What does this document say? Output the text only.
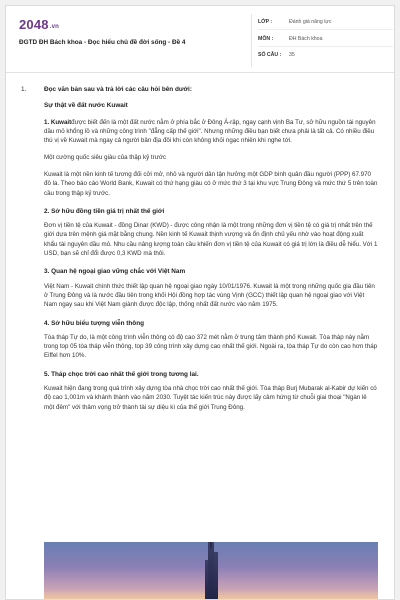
2048.vn
ĐGTD ĐH Bách khoa - Đọc hiểu chủ đề đời sống - Đề 4
LỚP :	Đánh giá năng lực
MÔN :	ĐH Bách khoa
SỐ CÂU : 35
1.	Đọc văn bản sau và trả lời các câu hỏi bên dưới:
Sự thật về đất nước Kuwait

1. Kuwaitđược biết đến là một đất nước nằm ở phía bắc ở Đông Á-rập, ngay cạnh vịnh Ba Tư, sở hữu nguồn tài nguyên dầu mỏ khổng lồ và những công trình "đẳng cấp thế giới". Nhưng những điều bạn biết chưa phải là tất cả. Có nhiều điều thú vị về Kuwait mà ngay cả người bản địa đôi khi còn không khỏi ngạc nhiên khi nghe tới.

Một cường quốc siêu giàu của thập kỷ trước

Kuwait là một nền kinh tế tương đối cởi mở, nhỏ và người dân tận hưởng một GDP bình quân đầu người (PPP) 67.970 đô la. Theo báo cáo World Bank, Kuwait có thứ hạng giàu có ở mức thứ 3 tại khu vực Trung Đông và mức thứ 5 trên toàn cầu trong thập kỷ trước.

2. Sở hữu đồng tiền giá trị nhất thế giới

Đơn vị tiền tệ của Kuwait - đồng Dinar (KWD) - được công nhận là một trong những đơn vị tiền tệ có giá trị nhất trên thế giới dựa trên mệnh giá mặt bằng chung. Nền kinh tế Kuwait thịnh vượng và ổn định chủ yếu nhờ vào hoạt động xuất khẩu tài nguyên dầu mỏ. Nhu cầu nâng lượng toàn cầu khiến đơn vị tiền tệ của Kuwait có giá trị lớn là điều dễ hiểu. Với 1 USD, bạn sẽ chỉ đổi được 0,3 KWD mà thôi.

3. Quan hệ ngoại giao vững chắc với Việt Nam

Việt Nam - Kuwait chính thức thiết lập quan hệ ngoại giao ngày 10/01/1976. Kuwait là một trong những quốc gia đầu tiên ở Trung Đông và là nước đầu tiên trong khối Hội đồng hợp tác vùng Vịnh (GCC) thiết lập quan hệ ngoại giao với Việt Nam ngay sau khi Việt Nam giành được độc lập, thống nhất đất nước vào năm 1975.

4. Sở hữu biểu tượng viễn thông

Tòa tháp Tự do, là một công trình viễn thông có độ cao 372 mét nằm ở trung tâm thành phố Kuwait. Tòa tháp này nằm trong top 05 tòa tháp viễn thông, top 39 công trình xây dựng cao nhất thế giới. Ngoài ra, tòa tháp Tự do còn cao hơn tháp Eiffel hơn 10%.

5. Tháp chọc trời cao nhất thế giới trong tương lai.

Kuwait hiện đang trong quá trình xây dựng tòa nhà chọc trời cao nhất thế giới. Tòa tháp Burj Mubarak al-Kabir dự kiến có độ cao 1,001m và khánh thành vào năm 2030. Tuyệt tác kiến trúc này được lấy cảm hứng từ chuỗi giai thoại "Ngàn lẻ một đêm" với thảm vọng trở thành tài sự diệu kì của thế giới Trung Đông.
